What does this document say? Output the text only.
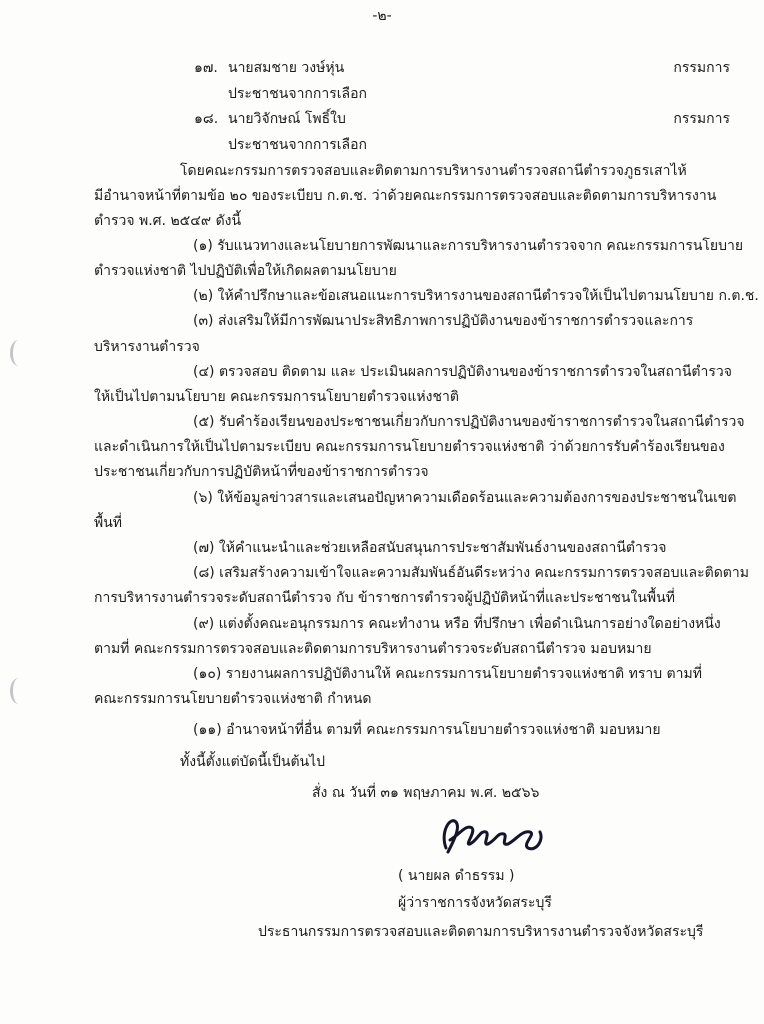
-๒-
๑๗. นายสมชาย วงษ์หุ่น	กรรมการ
ประชาชนจากการเลือก
๑๘. นายวิจักษณ์ โพธิ์ใบ	กรรมการ
ประชาชนจากการเลือก
โดยคณะกรรมการตรวจสอบและติดตามการบริหารงานตำรวจสถานีตำรวจภูธรเสาไห้
มีอำนาจหน้าที่ตามข้อ ๒๐ ของระเบียบ ก.ต.ช. ว่าด้วยคณะกรรมการตรวจสอบและติดตามการบริหารงาน
ตำรวจ พ.ศ. ๒๕๔๙ ดังนี้
(๑) รับแนวทางและนโยบายการพัฒนาและการบริหารงานตำรวจจาก คณะกรรมการนโยบาย
ตำรวจแห่งชาติ ไปปฏิบัติเพื่อให้เกิดผลตามนโยบาย
(๒) ให้คำปรึกษาและข้อเสนอแนะการบริหารงานของสถานีตำรวจให้เป็นไปตามนโยบาย ก.ต.ช.
(๓) ส่งเสริมให้มีการพัฒนาประสิทธิภาพการปฏิบัติงานของข้าราชการตำรวจและการ
บริหารงานตำรวจ
(๔) ตรวจสอบ ติดตาม และ ประเมินผลการปฏิบัติงานของข้าราชการตำรวจในสถานีตำรวจ
ให้เป็นไปตามนโยบาย คณะกรรมการนโยบายตำรวจแห่งชาติ
(๕) รับคำร้องเรียนของประชาชนเกี่ยวกับการปฏิบัติงานของข้าราชการตำรวจในสถานีตำรวจ
และดำเนินการให้เป็นไปตามระเบียบ คณะกรรมการนโยบายตำรวจแห่งชาติ ว่าด้วยการรับคำร้องเรียนของ
ประชาชนเกี่ยวกับการปฏิบัติหน้าที่ของข้าราชการตำรวจ
(๖) ให้ข้อมูลข่าวสารและเสนอปัญหาความเดือดร้อนและความต้องการของประชาชนในเขต
พื้นที่
(๗) ให้คำแนะนำและช่วยเหลือสนับสนุนการประชาสัมพันธ์งานของสถานีตำรวจ
(๘) เสริมสร้างความเข้าใจและความสัมพันธ์อันดีระหว่าง คณะกรรมการตรวจสอบและติดตาม
การบริหารงานตำรวจระดับสถานีตำรวจ กับ ข้าราชการตำรวจผู้ปฏิบัติหน้าที่และประชาชนในพื้นที่
(๙) แต่งตั้งคณะอนุกรรมการ คณะทำงาน หรือ ที่ปรึกษา เพื่อดำเนินการอย่างใดอย่างหนึ่ง
ตามที่ คณะกรรมการตรวจสอบและติดตามการบริหารงานตำรวจระดับสถานีตำรวจ มอบหมาย
(๑๐) รายงานผลการปฏิบัติงานให้ คณะกรรมการนโยบายตำรวจแห่งชาติ ทราบ ตามที่
คณะกรรมการนโยบายตำรวจแห่งชาติ กำหนด
(๑๑) อำนาจหน้าที่อื่น ตามที่ คณะกรรมการนโยบายตำรวจแห่งชาติ มอบหมาย
ทั้งนี้ตั้งแต่บัดนี้เป็นต้นไป
สั่ง ณ วันที่ ๓๑ พฤษภาคม พ.ศ. ๒๕๖๖
( นายผล ดำธรรม )
ผู้ว่าราชการจังหวัดสระบุรี
ประธานกรรมการตรวจสอบและติดตามการบริหารงานตำรวจจังหวัดสระบุรี
